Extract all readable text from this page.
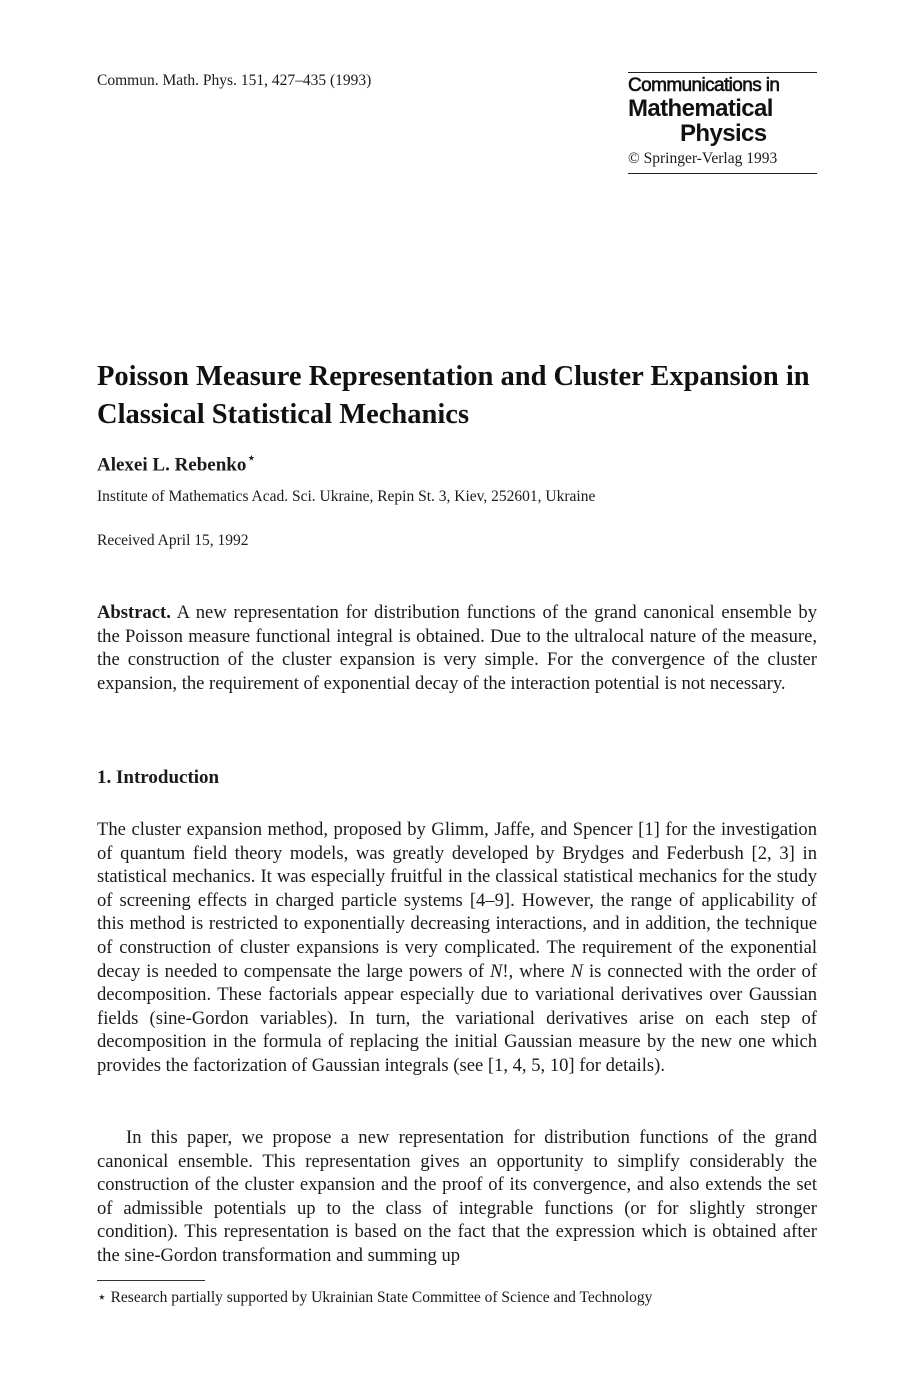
Commun. Math. Phys. 151, 427–435 (1993)	Communications in
Mathematical
Physics
© Springer-Verlag 1993
Poisson Measure Representation and Cluster Expansion in Classical Statistical Mechanics
Alexei L. Rebenko⋆
Institute of Mathematics Acad. Sci. Ukraine, Repin St. 3, Kiev, 252601, Ukraine
Received April 15, 1992
Abstract. A new representation for distribution functions of the grand canonical ensemble by the Poisson measure functional integral is obtained. Due to the ultralocal nature of the measure, the construction of the cluster expansion is very simple. For the convergence of the cluster expansion, the requirement of exponential decay of the interaction potential is not necessary.
1. Introduction
The cluster expansion method, proposed by Glimm, Jaffe, and Spencer [1] for the investigation of quantum field theory models, was greatly developed by Brydges and Federbush [2, 3] in statistical mechanics. It was especially fruitful in the classical statistical mechanics for the study of screening effects in charged particle systems [4–9]. However, the range of applicability of this method is restricted to exponentially decreasing interactions, and in addition, the technique of construction of cluster expansions is very complicated. The requirement of the exponential decay is needed to compensate the large powers of N!, where N is connected with the order of decomposition. These factorials appear especially due to variational derivatives over Gaussian fields (sine-Gordon variables). In turn, the variational derivatives arise on each step of decomposition in the formula of replacing the initial Gaussian measure by the new one which provides the factorization of Gaussian integrals (see [1, 4, 5, 10] for details).
In this paper, we propose a new representation for distribution functions of the grand canonical ensemble. This representation gives an opportunity to simplify considerably the construction of the cluster expansion and the proof of its convergence, and also extends the set of admissible potentials up to the class of integrable functions (or for slightly stronger condition). This representation is based on the fact that the expression which is obtained after the sine-Gordon transformation and summing up
⋆ Research partially supported by Ukrainian State Committee of Science and Technology
